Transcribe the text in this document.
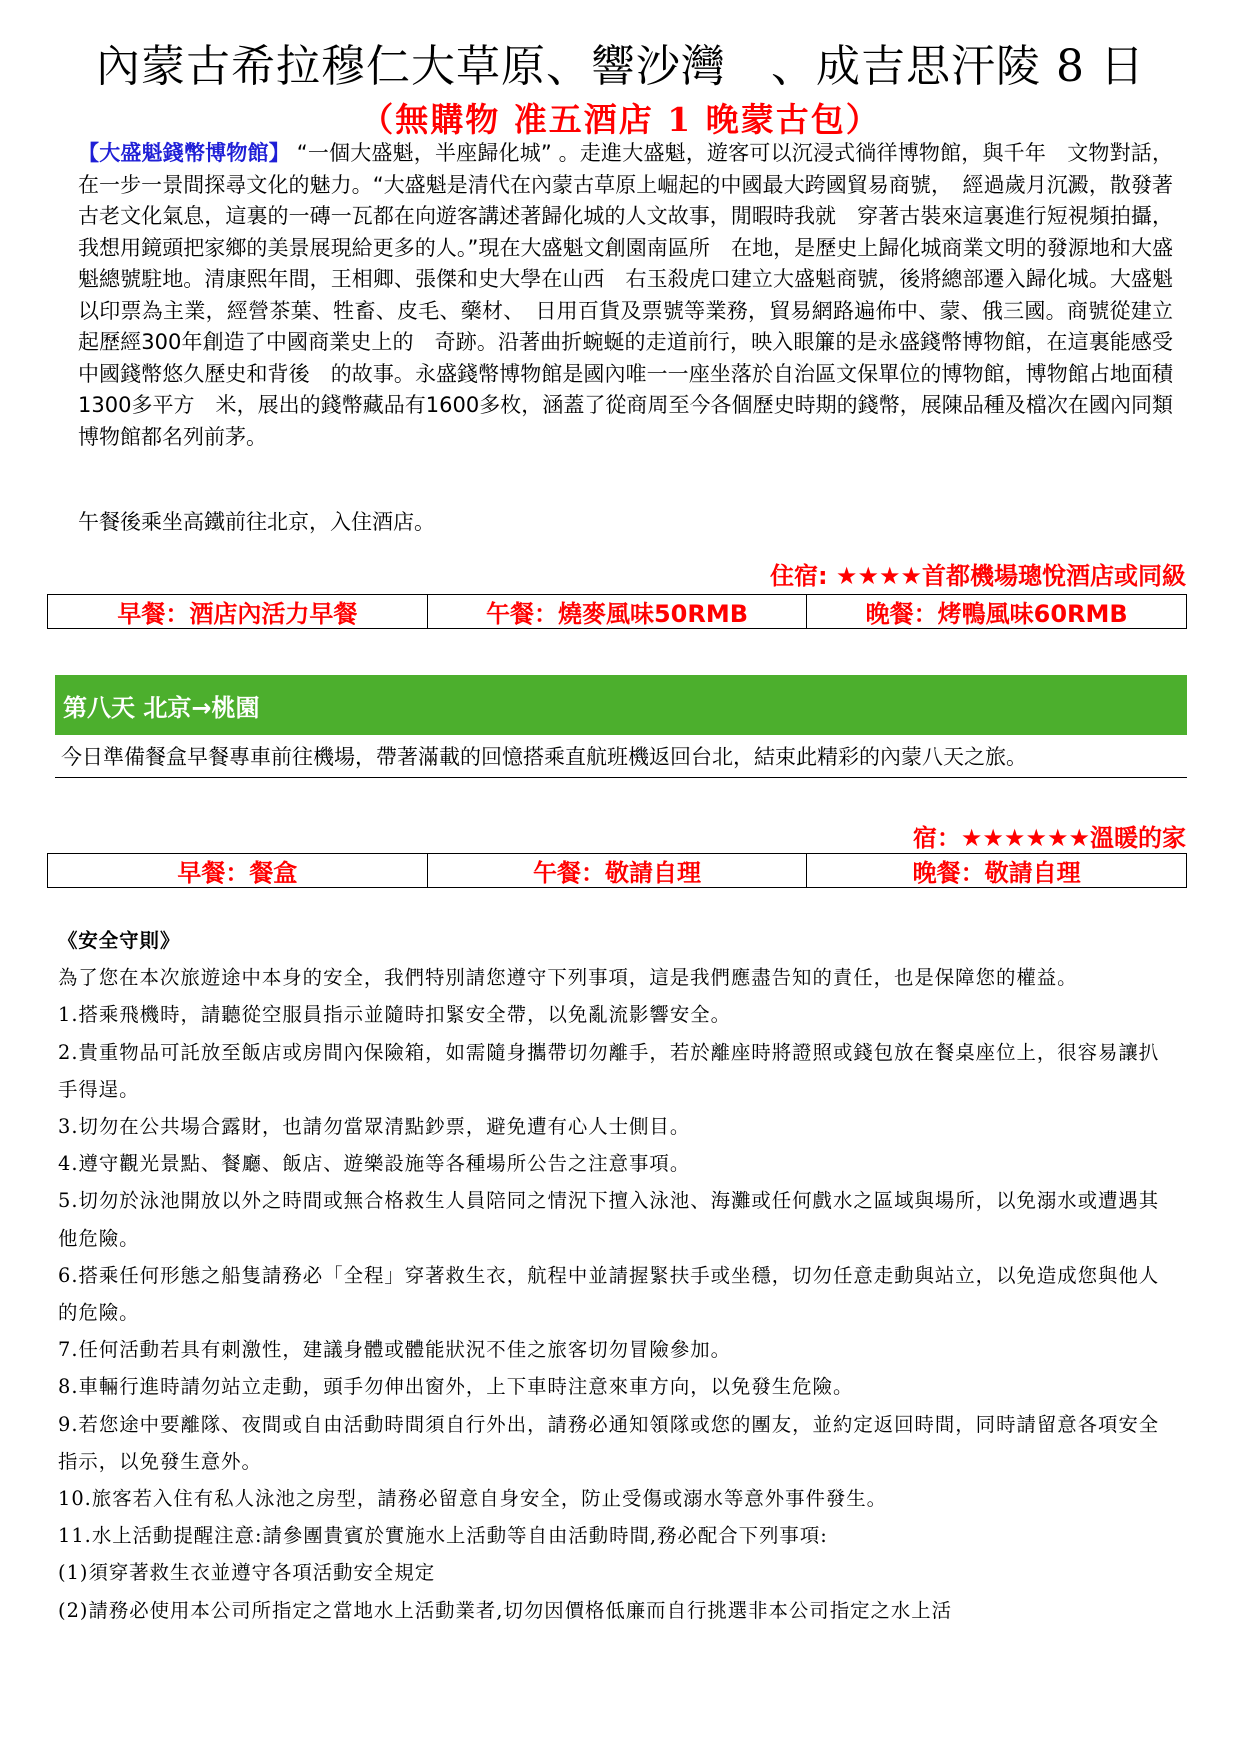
內蒙古希拉穆仁大草原、響沙灣　、成吉思汗陵 8 日
（無購物 准五酒店 1 晚蒙古包）
【大盛魁錢幣博物館】 “一個大盛魁，半座歸化城” 。走進大盛魁，遊客可以沉浸式徜徉博物館，與千年　文物對話，在一步一景間探尋文化的魅力。“大盛魁是清代在內蒙古草原上崛起的中國最大跨國貿易商號，　經過歲月沉澱，散發著古老文化氣息，這裏的一磚一瓦都在向遊客講述著歸化城的人文故事，閒暇時我就　穿著古裝來這裏進行短視頻拍攝，我想用鏡頭把家鄉的美景展現給更多的人。”現在大盛魁文創園南區所　在地，是歷史上歸化城商業文明的發源地和大盛魁總號駐地。清康熙年間，王相卿、張傑和史大學在山西　右玉殺虎口建立大盛魁商號，後將總部遷入歸化城。大盛魁以印票為主業，經營茶葉、牲畜、皮毛、藥材、　日用百貨及票號等業務，貿易網路遍佈中、蒙、俄三國。商號從建立起歷經300年創造了中國商業史上的　奇跡。沿著曲折蜿蜒的走道前行，映入眼簾的是永盛錢幣博物館，在這裏能感受中國錢幣悠久歷史和背後　的故事。永盛錢幣博物館是國內唯一一座坐落於自治區文保單位的博物館，博物館占地面積1300多平方　米，展出的錢幣藏品有1600多枚，涵蓋了從商周至今各個歷史時期的錢幣，展陳品種及檔次在國內同類　博物館都名列前茅。
午餐後乘坐高鐵前往北京，入住酒店。
住宿: ★★★★首都機場璁悅酒店或同級
早餐：酒店內活力早餐	午餐：燒麥風味50RMB	晚餐：烤鴨風味60RMB
第八天 北京→桃園
今日準備餐盒早餐專車前往機場，帶著滿載的回憶搭乘直航班機返回台北，結束此精彩的內蒙八天之旅。
宿：★★★★★★溫暖的家
早餐：餐盒	午餐：敬請自理	晚餐：敬請自理

《安全守則》

為了您在本次旅遊途中本身的安全，我們特別請您遵守下列事項，這是我們應盡告知的責任，也是保障您的權益。

1.搭乘飛機時，請聽從空服員指示並隨時扣緊安全帶，以免亂流影響安全。

2.貴重物品可託放至飯店或房間內保險箱，如需隨身攜帶切勿離手，若於離座時將證照或錢包放在餐桌座位上，很容易讓扒手得逞。

3.切勿在公共場合露財，也請勿當眾清點鈔票，避免遭有心人士側目。

4.遵守觀光景點、餐廳、飯店、遊樂設施等各種場所公告之注意事項。

5.切勿於泳池開放以外之時間或無合格救生人員陪同之情況下擅入泳池、海灘或任何戲水之區域與場所，以免溺水或遭遇其他危險。

6.搭乘任何形態之船隻請務必「全程」穿著救生衣，航程中並請握緊扶手或坐穩，切勿任意走動與站立，以免造成您與他人的危險。

7.任何活動若具有刺激性，建議身體或體能狀況不佳之旅客切勿冒險參加。

8.車輛行進時請勿站立走動，頭手勿伸出窗外，上下車時注意來車方向，以免發生危險。

9.若您途中要離隊、夜間或自由活動時間須自行外出，請務必通知領隊或您的團友，並約定返回時間，同時請留意各項安全指示，以免發生意外。

10.旅客若入住有私人泳池之房型，請務必留意自身安全，防止受傷或溺水等意外事件發生。

11.水上活動提醒注意:請參團貴賓於實施水上活動等自由活動時間,務必配合下列事項:

(1)須穿著救生衣並遵守各項活動安全規定

(2)請務必使用本公司所指定之當地水上活動業者,切勿因價格低廉而自行挑選非本公司指定之水上活
